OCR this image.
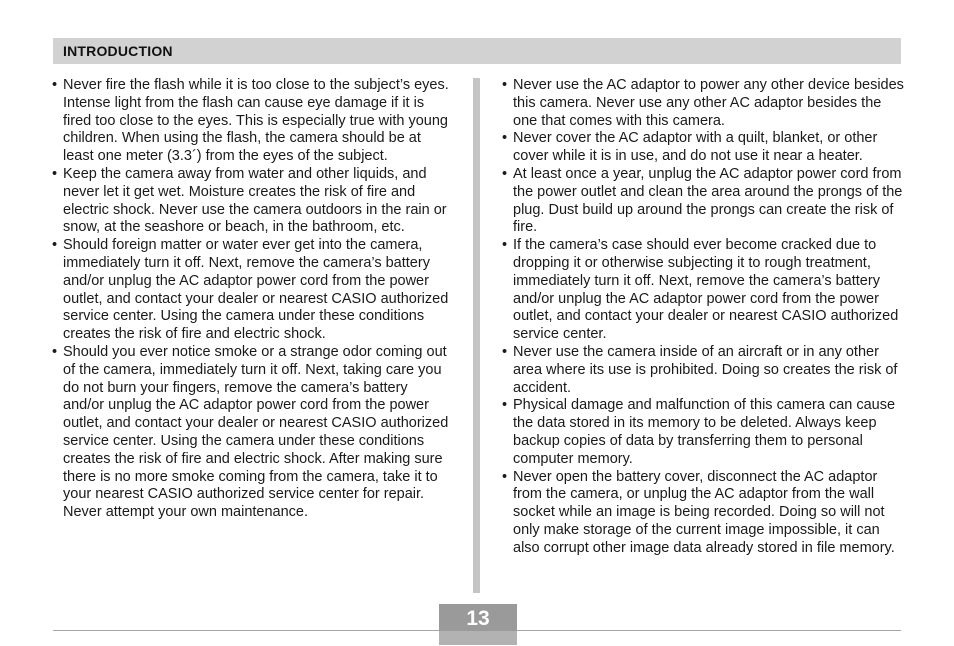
INTRODUCTION
• Never fire the flash while it is too close to the subject’s eyes. Intense light from the flash can cause eye damage if it is fired too close to the eyes. This is especially true with young children. When using the flash, the camera should be at least one meter (3.3´) from the eyes of the subject.
• Keep the camera away from water and other liquids, and never let it get wet. Moisture creates the risk of fire and electric shock. Never use the camera outdoors in the rain or snow, at the seashore or beach, in the bathroom, etc.
• Should foreign matter or water ever get into the camera, immediately turn it off. Next, remove the camera’s battery and/or unplug the AC adaptor power cord from the power outlet, and contact your dealer or nearest CASIO authorized service center. Using the camera under these conditions creates the risk of fire and electric shock.
• Should you ever notice smoke or a strange odor coming out of the camera, immediately turn it off. Next, taking care you do not burn your fingers, remove the camera’s battery and/or unplug the AC adaptor power cord from the power outlet, and contact your dealer or nearest CASIO authorized service center. Using the camera under these conditions creates the risk of fire and electric shock. After making sure there is no more smoke coming from the camera, take it to your nearest CASIO authorized service center for repair. Never attempt your own maintenance.
• Never use the AC adaptor to power any other device besides this camera. Never use any other AC adaptor besides the one that comes with this camera.
• Never cover the AC adaptor with a quilt, blanket, or other cover while it is in use, and do not use it near a heater.
• At least once a year, unplug the AC adaptor power cord from the power outlet and clean the area around the prongs of the plug. Dust build up around the prongs can create the risk of fire.
• If the camera’s case should ever become cracked due to dropping it or otherwise subjecting it to rough treatment, immediately turn it off. Next, remove the camera’s battery and/or unplug the AC adaptor power cord from the power outlet, and contact your dealer or nearest CASIO authorized service center.
• Never use the camera inside of an aircraft or in any other area where its use is prohibited. Doing so creates the risk of accident.
• Physical damage and malfunction of this camera can cause the data stored in its memory to be deleted. Always keep backup copies of data by transferring them to personal computer memory.
• Never open the battery cover, disconnect the AC adaptor from the camera, or unplug the AC adaptor from the wall socket while an image is being recorded. Doing so will not only make storage of the current image impossible, it can also corrupt other image data already stored in file memory.
13
